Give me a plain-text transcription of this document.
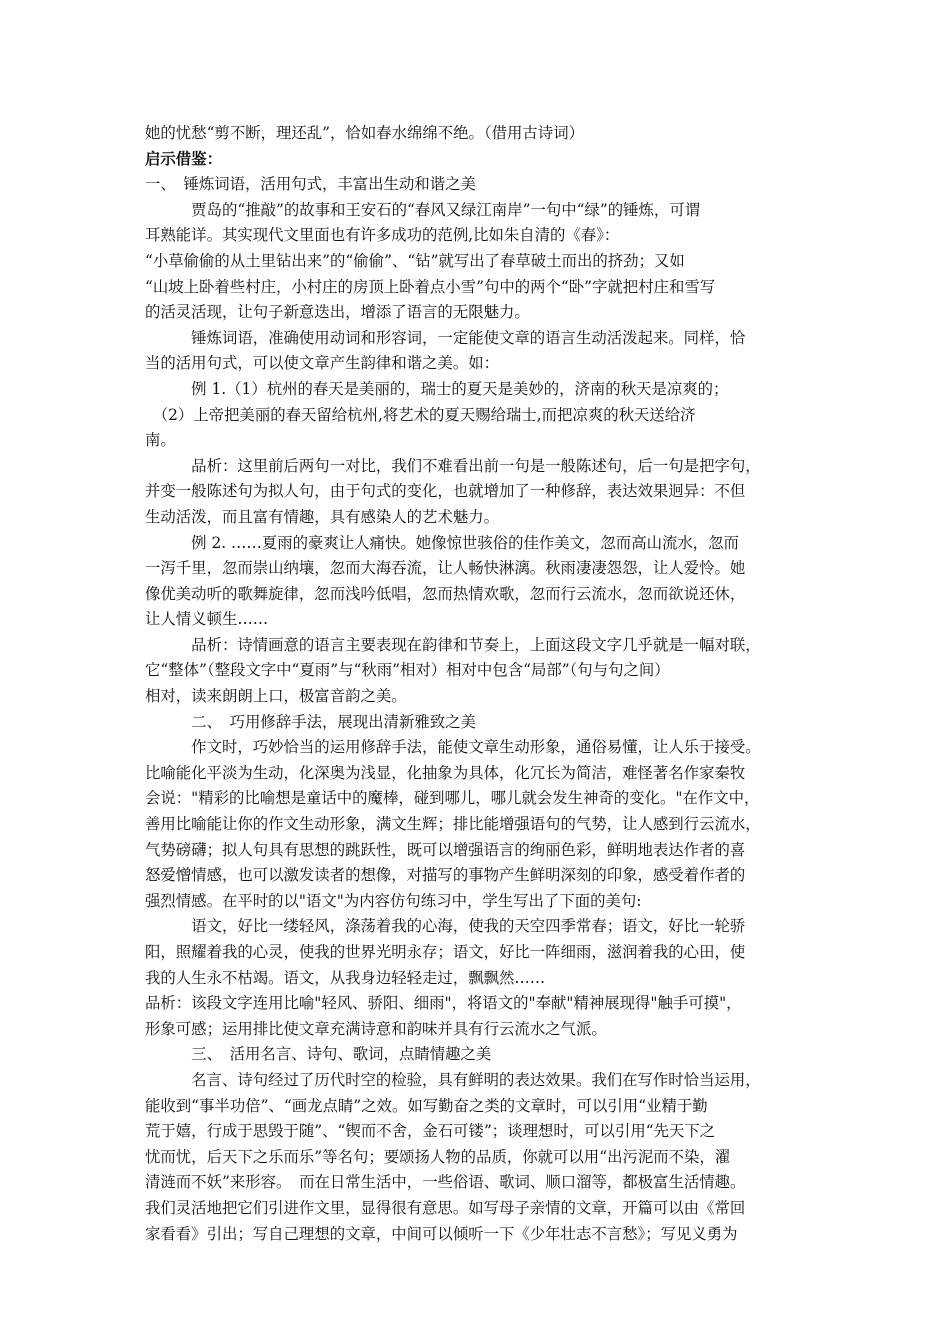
她的忧愁“剪不断，理还乱”，恰如春水绵绵不绝。（借用古诗词）
启示借鉴：
一、　锤炼词语，活用句式，丰富出生动和谐之美
　　　贾岛的“推敲”的故事和王安石的“春风又绿江南岸”一句中“绿”的锤炼，可谓
耳熟能详。其实现代文里面也有许多成功的范例,比如朱自清的《春》：
“小草偷偷的从土里钻出来”的“偷偷”、“钻”就写出了春草破土而出的挤劲；又如
“山坡上卧着些村庄，小村庄的房顶上卧着点小雪”句中的两个“卧”字就把村庄和雪写
的活灵活现，让句子新意迭出，增添了语言的无限魅力。
　　　锤炼词语，准确使用动词和形容词，一定能使文章的语言生动活泼起来。同样，恰
当的活用句式，可以使文章产生韵律和谐之美。如：
　　　例 1.（1）杭州的春天是美丽的，瑞士的夏天是美妙的，济南的秋天是凉爽的；
　（2）上帝把美丽的春天留给杭州,将艺术的夏天赐给瑞士,而把凉爽的秋天送给济
南。
　　　品析：这里前后两句一对比，我们不难看出前一句是一般陈述句，后一句是把字句，
并变一般陈述句为拟人句，由于句式的变化，也就增加了一种修辞，表达效果迥异：不但
生动活泼，而且富有情趣，具有感染人的艺术魅力。
　　　例 2. ……夏雨的豪爽让人痛快。她像惊世骇俗的佳作美文，忽而高山流水，忽而
一泻千里，忽而崇山纳壤，忽而大海吞流，让人畅快淋漓。秋雨凄凄怨怨，让人爱怜。她
像优美动听的歌舞旋律，忽而浅吟低唱，忽而热情欢歌，忽而行云流水，忽而欲说还休，
让人情义顿生……
　　　品析：诗情画意的语言主要表现在韵律和节奏上，上面这段文字几乎就是一幅对联，
它“整体”（整段文字中“夏雨”与“秋雨”相对）相对中包含“局部”（句与句之间）
相对，读来朗朗上口，极富音韵之美。
　　　二、　巧用修辞手法，展现出清新雅致之美
　　　作文时，巧妙恰当的运用修辞手法，能使文章生动形象，通俗易懂，让人乐于接受。
比喻能化平淡为生动，化深奥为浅显，化抽象为具体，化冗长为简洁，难怪著名作家秦牧
会说："精彩的比喻想是童话中的魔棒，碰到哪儿，哪儿就会发生神奇的变化。"在作文中，
善用比喻能让你的作文生动形象，满文生辉；排比能增强语句的气势，让人感到行云流水，
气势磅礴；拟人句具有思想的跳跃性，既可以增强语言的绚丽色彩，鲜明地表达作者的喜
怒爱憎情感，也可以激发读者的想像，对描写的事物产生鲜明深刻的印象，感受着作者的
强烈情感。在平时的以"语文"为内容仿句练习中，学生写出了下面的美句:
　　　语文，好比一缕轻风，涤荡着我的心海，使我的天空四季常春；语文，好比一轮骄
阳，照耀着我的心灵，使我的世界光明永存；语文，好比一阵细雨，滋润着我的心田，使
我的人生永不枯竭。语文，从我身边轻轻走过，飘飘然……
品析：该段文字连用比喻"轻风、骄阳、细雨"，将语文的"奉献"精神展现得"触手可摸"，
形象可感；运用排比使文章充满诗意和韵味并具有行云流水之气派。
　　　三、　活用名言、诗句、歌词，点睛情趣之美
　　　名言、诗句经过了历代时空的检验，具有鲜明的表达效果。我们在写作时恰当运用，
能收到“事半功倍”、“画龙点睛”之效。如写勤奋之类的文章时，可以引用“业精于勤
荒于嬉，行成于思毁于随”、“锲而不舍，金石可镂”；谈理想时，可以引用“先天下之
忧而忧，后天下之乐而乐”等名句；要颂扬人物的品质，你就可以用“出污泥而不染，濯
清涟而不妖”来形容。　而在日常生活中，一些俗语、歌词、顺口溜等，都极富生活情趣。
我们灵活地把它们引进作文里，显得很有意思。如写母子亲情的文章，开篇可以由《常回
家看看》引出；写自己理想的文章，中间可以倾听一下《少年壮志不言愁》；写见义勇为
